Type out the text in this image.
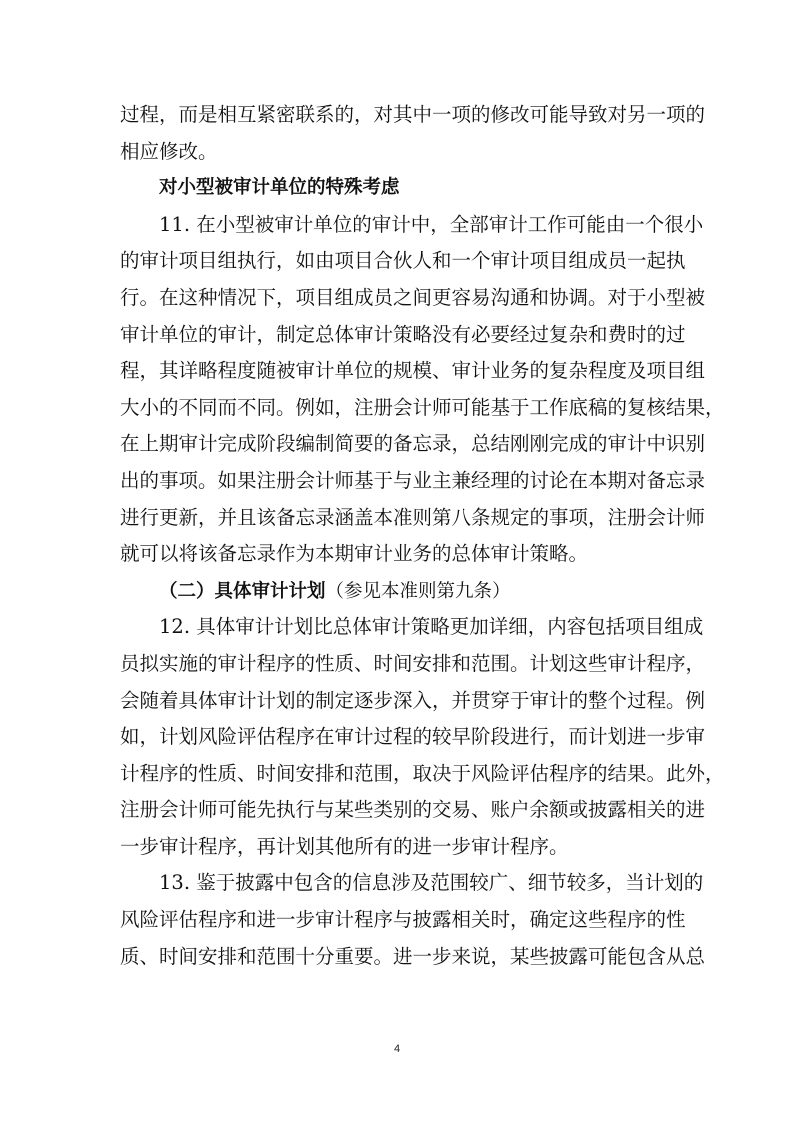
过程，而是相互紧密联系的，对其中一项的修改可能导致对另一项的
相应修改。
对小型被审计单位的特殊考虑
11. 在小型被审计单位的审计中，全部审计工作可能由一个很小
的审计项目组执行，如由项目合伙人和一个审计项目组成员一起执
行。在这种情况下，项目组成员之间更容易沟通和协调。对于小型被
审计单位的审计，制定总体审计策略没有必要经过复杂和费时的过
程，其详略程度随被审计单位的规模、审计业务的复杂程度及项目组
大小的不同而不同。例如，注册会计师可能基于工作底稿的复核结果，
在上期审计完成阶段编制简要的备忘录，总结刚刚完成的审计中识别
出的事项。如果注册会计师基于与业主兼经理的讨论在本期对备忘录
进行更新，并且该备忘录涵盖本准则第八条规定的事项，注册会计师
就可以将该备忘录作为本期审计业务的总体审计策略。
（二）具体审计计划（参见本准则第九条）
12. 具体审计计划比总体审计策略更加详细，内容包括项目组成
员拟实施的审计程序的性质、时间安排和范围。计划这些审计程序，
会随着具体审计计划的制定逐步深入，并贯穿于审计的整个过程。例
如，计划风险评估程序在审计过程的较早阶段进行，而计划进一步审
计程序的性质、时间安排和范围，取决于风险评估程序的结果。此外，
注册会计师可能先执行与某些类别的交易、账户余额或披露相关的进
一步审计程序，再计划其他所有的进一步审计程序。
13. 鉴于披露中包含的信息涉及范围较广、细节较多，当计划的
风险评估程序和进一步审计程序与披露相关时，确定这些程序的性
质、时间安排和范围十分重要。进一步来说，某些披露可能包含从总
4
